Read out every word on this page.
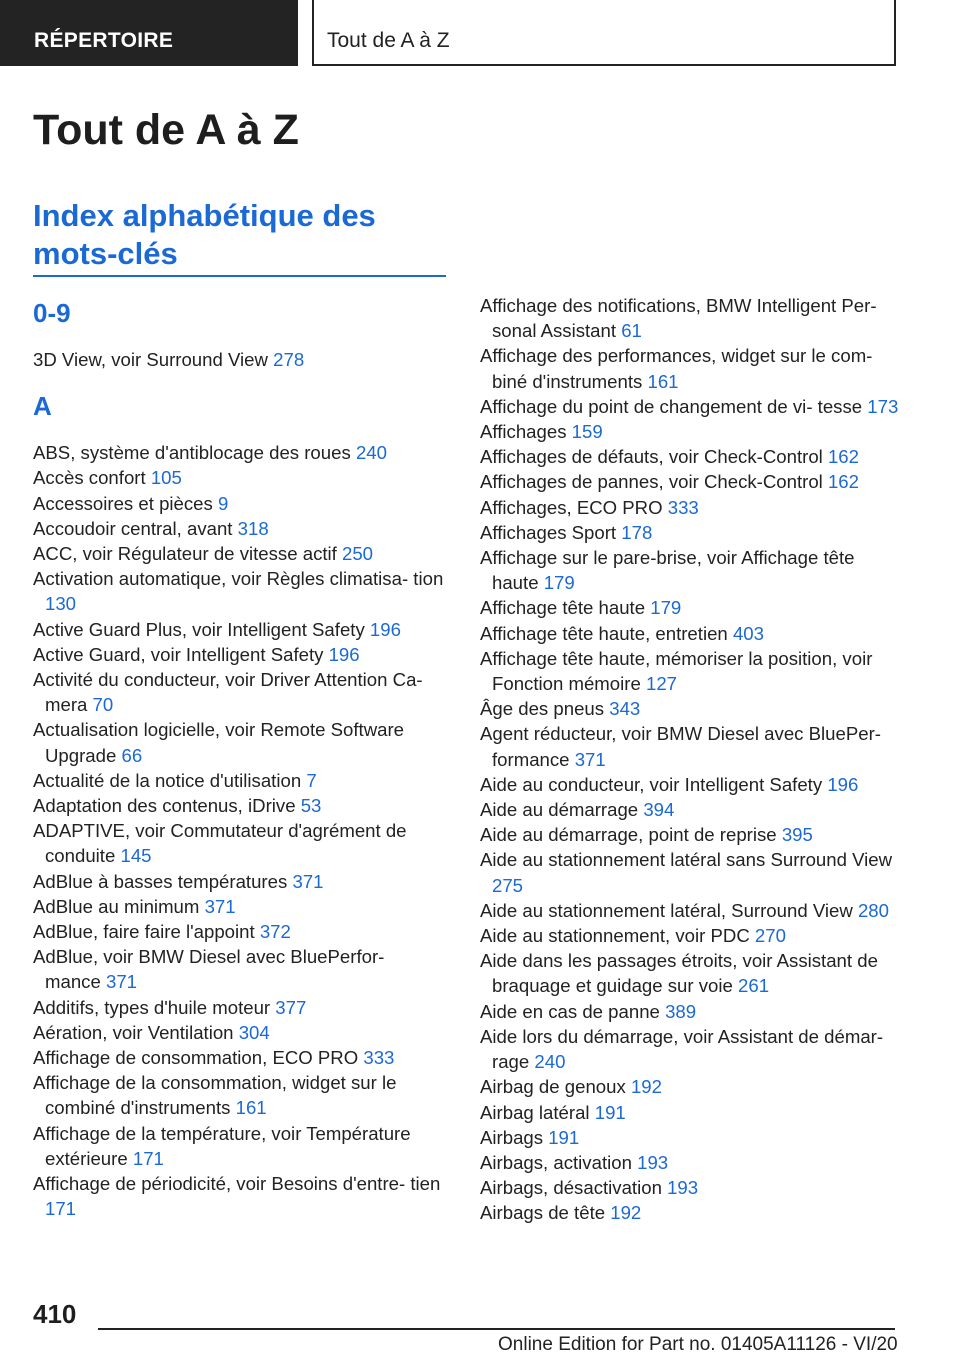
RÉPERTOIRE	Tout de A à Z
Tout de A à Z
Index alphabétique des mots-clés
0-9
3D View, voir Surround View 278
A
ABS, système d'antiblocage des roues 240
Accès confort 105
Accessoires et pièces 9
Accoudoir central, avant 318
ACC, voir Régulateur de vitesse actif 250
Activation automatique, voir Règles climatisa‐ tion 130
Active Guard Plus, voir Intelligent Safety 196
Active Guard, voir Intelligent Safety 196
Activité du conducteur, voir Driver Attention Ca‐ mera 70
Actualisation logicielle, voir Remote Software Upgrade 66
Actualité de la notice d'utilisation 7
Adaptation des contenus, iDrive 53
ADAPTIVE, voir Commutateur d'agrément de conduite 145
AdBlue à basses températures 371
AdBlue au minimum 371
AdBlue, faire faire l'appoint 372
AdBlue, voir BMW Diesel avec BluePerfor‐ mance 371
Additifs, types d'huile moteur 377
Aération, voir Ventilation 304
Affichage de consommation, ECO PRO 333
Affichage de la consommation, widget sur le combiné d'instruments 161
Affichage de la température, voir Température extérieure 171
Affichage de périodicité, voir Besoins d'entre‐ tien 171
Affichage des notifications, BMW Intelligent Per‐ sonal Assistant 61
Affichage des performances, widget sur le com‐ biné d'instruments 161
Affichage du point de changement de vi‐ tesse 173
Affichages 159
Affichages de défauts, voir Check-Control 162
Affichages de pannes, voir Check-Control 162
Affichages, ECO PRO 333
Affichages Sport 178
Affichage sur le pare-brise, voir Affichage tête haute 179
Affichage tête haute 179
Affichage tête haute, entretien 403
Affichage tête haute, mémoriser la position, voir Fonction mémoire 127
Âge des pneus 343
Agent réducteur, voir BMW Diesel avec BluePer‐ formance 371
Aide au conducteur, voir Intelligent Safety 196
Aide au démarrage 394
Aide au démarrage, point de reprise 395
Aide au stationnement latéral sans Surround View 275
Aide au stationnement latéral, Surround View 280
Aide au stationnement, voir PDC 270
Aide dans les passages étroits, voir Assistant de braquage et guidage sur voie 261
Aide en cas de panne 389
Aide lors du démarrage, voir Assistant de démar‐ rage 240
Airbag de genoux 192
Airbag latéral 191
Airbags 191
Airbags, activation 193
Airbags, désactivation 193
Airbags de tête 192
410
Online Edition for Part no. 01405A11126 - VI/20
